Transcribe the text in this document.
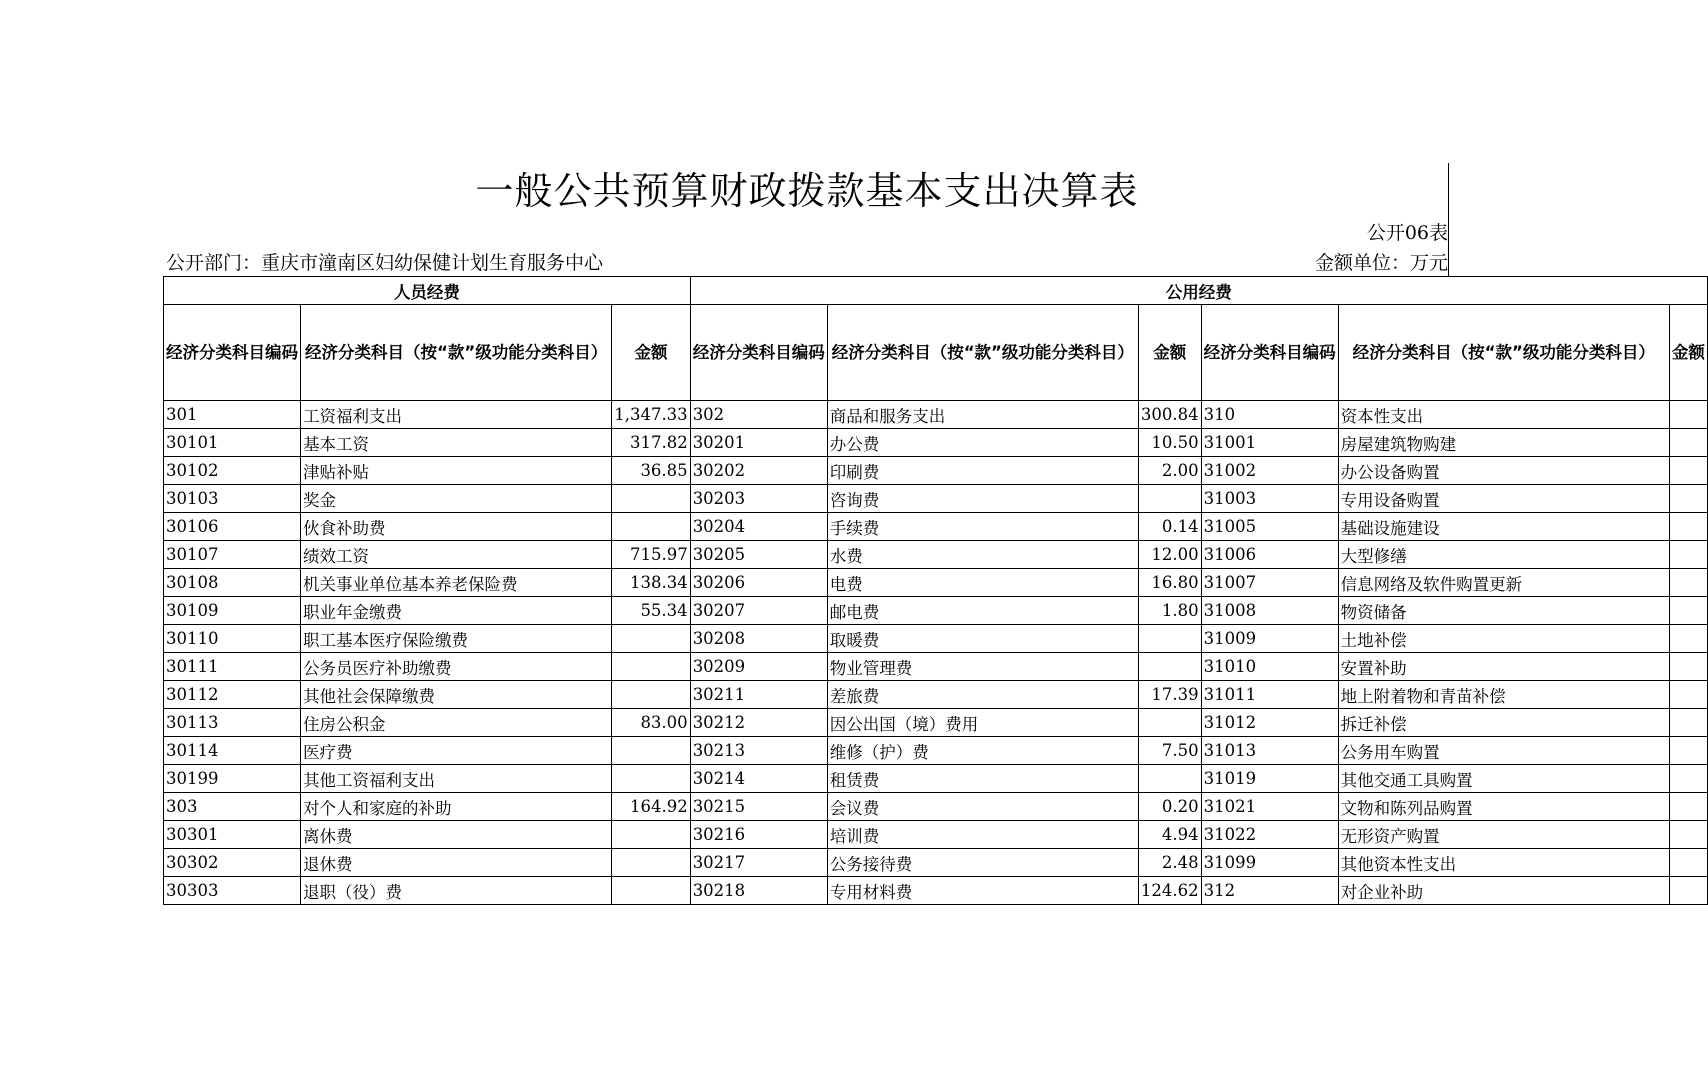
一般公共预算财政拨款基本支出决算表
公开06表
公开部门：重庆市潼南区妇幼保健计划生育服务中心	金额单位：万元
人员经费			公用经费					
经济分类科目编码	经济分类科目（按“款”级功能分类科目）	金额	经济分类科目编码	经济分类科目（按“款”级功能分类科目）	金额	经济分类科目编码	经济分类科目（按“款”级功能分类科目）	金额
301	工资福利支出	1,347.33	302	商品和服务支出	300.84	310	资本性支出	
30101	基本工资	317.82	30201	办公费	10.50	31001	房屋建筑物购建	
30102	津贴补贴	36.85	30202	印刷费	2.00	31002	办公设备购置	
30103	奖金		30203	咨询费		31003	专用设备购置	
30106	伙食补助费		30204	手续费	0.14	31005	基础设施建设	
30107	绩效工资	715.97	30205	水费	12.00	31006	大型修缮	
30108	机关事业单位基本养老保险费	138.34	30206	电费	16.80	31007	信息网络及软件购置更新	
30109	职业年金缴费	55.34	30207	邮电费	1.80	31008	物资储备	
30110	职工基本医疗保险缴费		30208	取暖费		31009	土地补偿	
30111	公务员医疗补助缴费		30209	物业管理费		31010	安置补助	
30112	其他社会保障缴费		30211	差旅费	17.39	31011	地上附着物和青苗补偿	
30113	住房公积金	83.00	30212	因公出国（境）费用		31012	拆迁补偿	
30114	医疗费		30213	维修（护）费	7.50	31013	公务用车购置	
30199	其他工资福利支出		30214	租赁费		31019	其他交通工具购置	
303	对个人和家庭的补助	164.92	30215	会议费	0.20	31021	文物和陈列品购置	
30301	离休费		30216	培训费	4.94	31022	无形资产购置	
30302	退休费		30217	公务接待费	2.48	31099	其他资本性支出	
30303	退职（役）费		30218	专用材料费	124.62	312	对企业补助	
